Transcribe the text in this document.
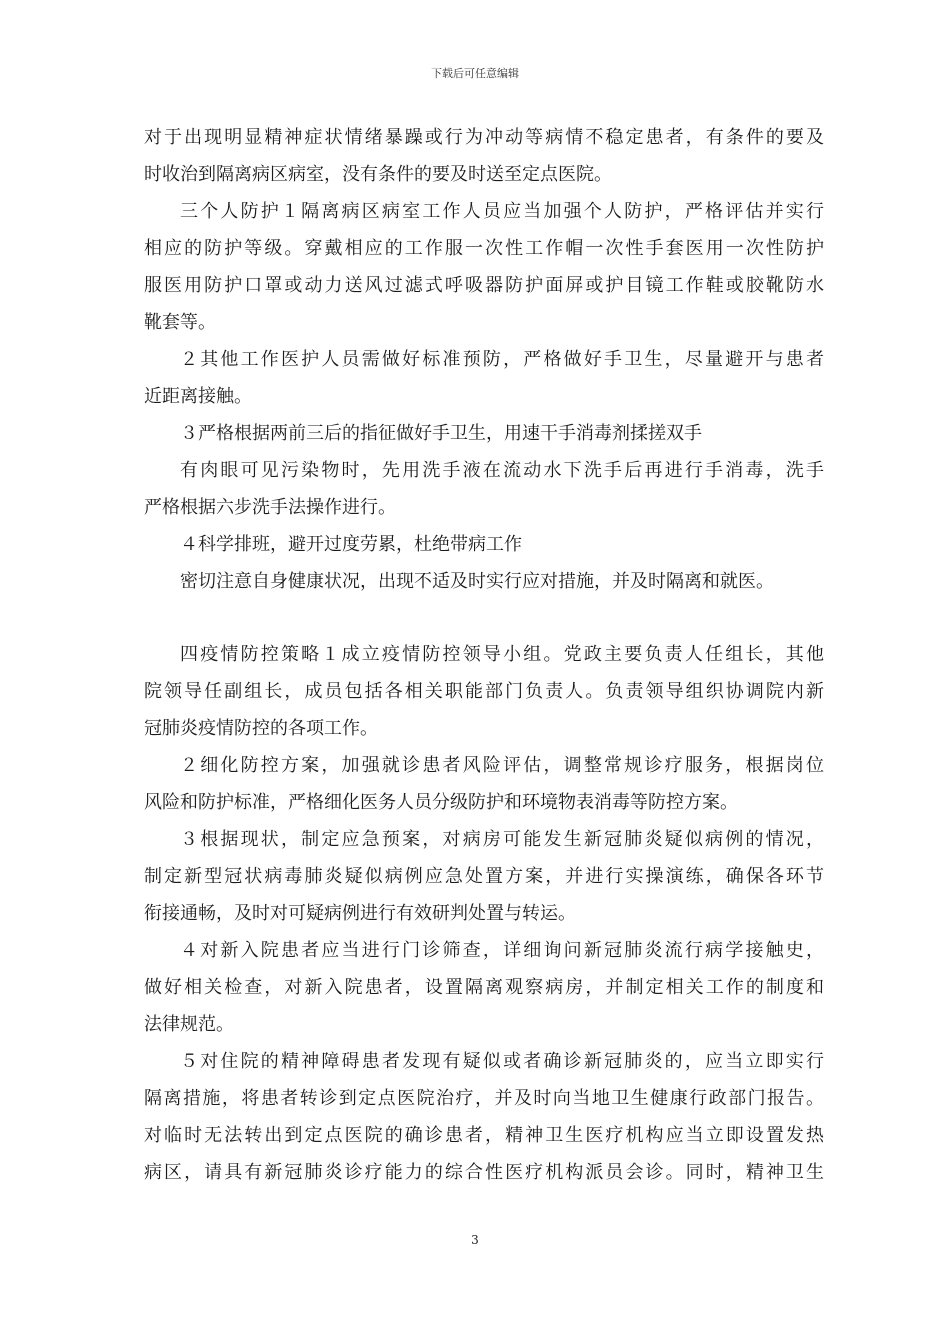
下载后可任意编辑
对于出现明显精神症状情绪暴躁或行为冲动等病情不稳定患者，有条件的要及
时收治到隔离病区病室，没有条件的要及时送至定点医院。
三个人防护１隔离病区病室工作人员应当加强个人防护，严格评估并实行
相应的防护等级。穿戴相应的工作服一次性工作帽一次性手套医用一次性防护
服医用防护口罩或动力送风过滤式呼吸器防护面屏或护目镜工作鞋或胶靴防水
靴套等。
２其他工作医护人员需做好标准预防，严格做好手卫生，尽量避开与患者
近距离接触。
３严格根据两前三后的指征做好手卫生，用速干手消毒剂揉搓双手
有肉眼可见污染物时，先用洗手液在流动水下洗手后再进行手消毒，洗手
严格根据六步洗手法操作进行。
４科学排班，避开过度劳累，杜绝带病工作
密切注意自身健康状况，出现不适及时实行应对措施，并及时隔离和就医。
四疫情防控策略１成立疫情防控领导小组。党政主要负责人任组长，其他
院领导任副组长，成员包括各相关职能部门负责人。负责领导组织协调院内新
冠肺炎疫情防控的各项工作。
２细化防控方案，加强就诊患者风险评估，调整常规诊疗服务，根据岗位
风险和防护标准，严格细化医务人员分级防护和环境物表消毒等防控方案。
３根据现状，制定应急预案，对病房可能发生新冠肺炎疑似病例的情况，
制定新型冠状病毒肺炎疑似病例应急处置方案，并进行实操演练，确保各环节
衔接通畅，及时对可疑病例进行有效研判处置与转运。
４对新入院患者应当进行门诊筛查，详细询问新冠肺炎流行病学接触史，
做好相关检查，对新入院患者，设置隔离观察病房，并制定相关工作的制度和
法律规范。
５对住院的精神障碍患者发现有疑似或者确诊新冠肺炎的，应当立即实行
隔离措施，将患者转诊到定点医院治疗，并及时向当地卫生健康行政部门报告。
对临时无法转出到定点医院的确诊患者，精神卫生医疗机构应当立即设置发热
病区，请具有新冠肺炎诊疗能力的综合性医疗机构派员会诊。同时，精神卫生
3
